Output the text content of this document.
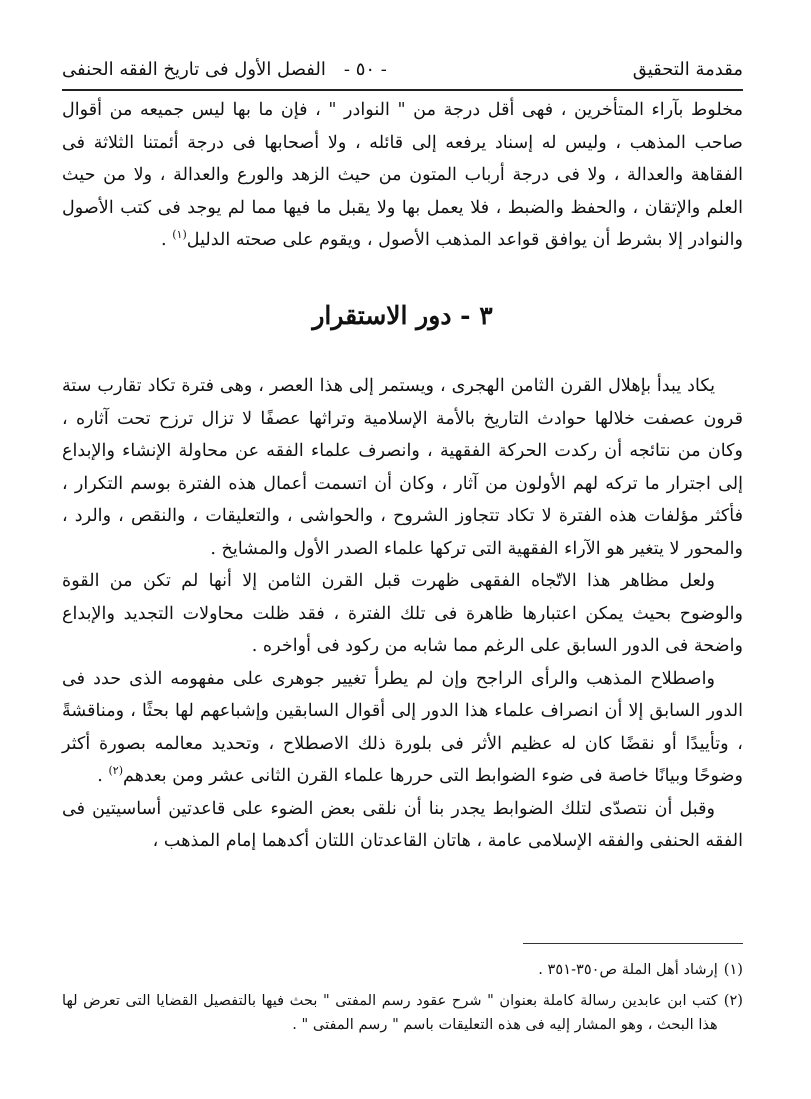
مقدمة التحقيق
- ٥٠ -
الفصل الأول فى تاريخ الفقه الحنفى
مخلوط بآراء المتأخرين ، فهى أقل درجة من " النوادر " ، فإن ما بها ليس جميعه من أقوال صاحب المذهب ، وليس له إسناد يرفعه إلى قائله ، ولا أصحابها فى درجة أئمتنا الثلاثة فى الفقاهة والعدالة ، ولا فى درجة أرباب المتون من حيث الزهد والورع والعدالة ، ولا من حيث العلم والإتقان ، والحفظ والضبط ، فلا يعمل بها ولا يقبل ما فيها مما لم يوجد فى كتب الأصول والنوادر إلا بشرط أن يوافق قواعد المذهب الأصول ، ويقوم على صحته الدليل$^{(١)}$ .
٣ - دور الاستقرار

يكاد يبدأ بإهلال القرن الثامن الهجرى ، ويستمر إلى هذا العصر ، وهى فترة تكاد تقارب ستة قرون عصفت خلالها حوادث التاريخ بالأمة الإسلامية وتراثها عصفًا لا تزال ترزح تحت آثاره ، وكان من نتائجه أن ركدت الحركة الفقهية ، وانصرف علماء الفقه عن محاولة الإنشاء والإبداع إلى اجترار ما تركه لهم الأولون من آثار ، وكان أن اتسمت أعمال هذه الفترة بوسم التكرار ، فأكثر مؤلفات هذه الفترة لا تكاد تتجاوز الشروح ، والحواشى ، والتعليقات ، والنقص ، والرد ، والمحور لا يتغير هو الآراء الفقهية التى تركها علماء الصدر الأول والمشايخ .

ولعل مظاهر هذا الاتّجاه الفقهى ظهرت قبل القرن الثامن إلا أنها لم تكن من القوة والوضوح بحيث يمكن اعتبارها ظاهرة فى تلك الفترة ، فقد ظلت محاولات التجديد والإبداع واضحة فى الدور السابق على الرغم مما شابه من ركود فى أواخره .

واصطلاح المذهب والرأى الراجح وإن لم يطرأ تغيير جوهرى على مفهومه الذى حدد فى الدور السابق إلا أن انصراف علماء هذا الدور إلى أقوال السابقين وإشباعهم لها بحثًا ، ومناقشةً ، وتأييدًا أو نقضًا كان له عظيم الأثر فى بلورة ذلك الاصطلاح ، وتحديد معالمه بصورة أكثر وضوحًا وبيانًا خاصة فى ضوء الضوابط التى حررها علماء القرن الثانى عشر ومن بعدهم$^{(٢)}$ .

وقبل أن نتصدّى لتلك الضوابط يجدر بنا أن نلقى بعض الضوء على قاعدتين أساسيتين فى الفقه الحنفى والفقه الإسلامى عامة ، هاتان القاعدتان اللتان أكدهما إمام المذهب ،

(١)
إرشاد أهل الملة ص٣٥٠-٣٥١ .
(٢)
كتب ابن عابدين رسالة كاملة بعنوان " شرح عقود رسم المفتى " بحث فيها بالتفصيل القضايا التى تعرض لها هذا البحث ، وهو المشار إليه فى هذه التعليقات باسم " رسم المفتى " .
